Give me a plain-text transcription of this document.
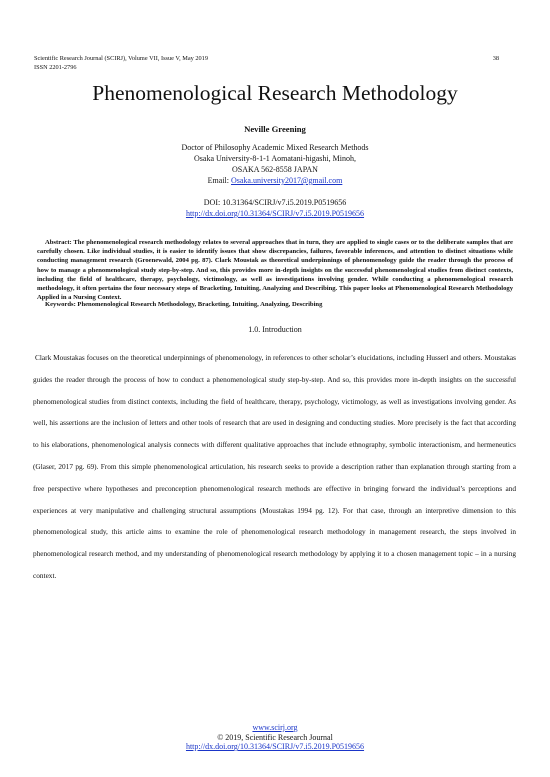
Scientific Research Journal (SCIRJ), Volume VII, Issue V, May 2019
ISSN 2201-2796
38
Phenomenological Research Methodology
Neville Greening
Doctor of Philosophy Academic Mixed Research Methods
Osaka University-8-1-1 Aomatani-higashi, Minoh,
OSAKA 562-8558 JAPAN
Email: Osaka.university2017@gmail.com
DOI: 10.31364/SCIRJ/v7.i5.2019.P0519656
http://dx.doi.org/10.31364/SCIRJ/v7.i5.2019.P0519656

Abstract: The phenomenological research methodology relates to several approaches that in turn, they are applied to single cases or to the deliberate samples that are carefully chosen. Like individual studies, it is easier to identify issues that show discrepancies, failures, favorable inferences, and attention to distinct situations while conducting management research (Groenewald, 2004 pg. 87). Clark Moustak as theoretical underpinnings of phenomenology guide the reader through the process of how to manage a phenomenological study step-by-step. And so, this provides more in-depth insights on the successful phenomenological studies from distinct contexts, including the field of healthcare, therapy, psychology, victimology, as well as investigations involving gender. While conducting a phenomenological research methodology, it often pertains the four necessary steps of Bracketing, Intuiting, Analyzing and Describing. This paper looks at Phenomenological Research Methodology Applied in a Nursing Context.

Keywords: Phenomenological Research Methodology, Bracketing, Intuiting, Analyzing, Describing

1.0. Introduction

Clark Moustakas focuses on the theoretical underpinnings of phenomenology, in references to other scholar’s elucidations, including Husserl and others. Moustakas guides the reader through the process of how to conduct a phenomenological study step-by-step. And so, this provides more in-depth insights on the successful phenomenological studies from distinct contexts, including the field of healthcare, therapy, psychology, victimology, as well as investigations involving gender. As well, his assertions are the inclusion of letters and other tools of research that are used in designing and conducting studies. More precisely is the fact that according to his elaborations, phenomenological analysis connects with different qualitative approaches that include ethnography, symbolic interactionism, and hermeneutics (Glaser, 2017 pg. 69). From this simple phenomenological articulation, his research seeks to provide a description rather than explanation through starting from a free perspective where hypotheses and preconception phenomenological research methods are effective in bringing forward the individual’s perceptions and experiences at very manipulative and challenging structural assumptions (Moustakas 1994 pg. 12). For that case, through an interpretive dimension to this phenomenological study, this article aims to examine the role of phenomenological research methodology in management research, the steps involved in phenomenological research method, and my understanding of phenomenological research methodology by applying it to a chosen management topic – in a nursing context.

www.scirj.org
© 2019, Scientific Research Journal
http://dx.doi.org/10.31364/SCIRJ/v7.i5.2019.P0519656
